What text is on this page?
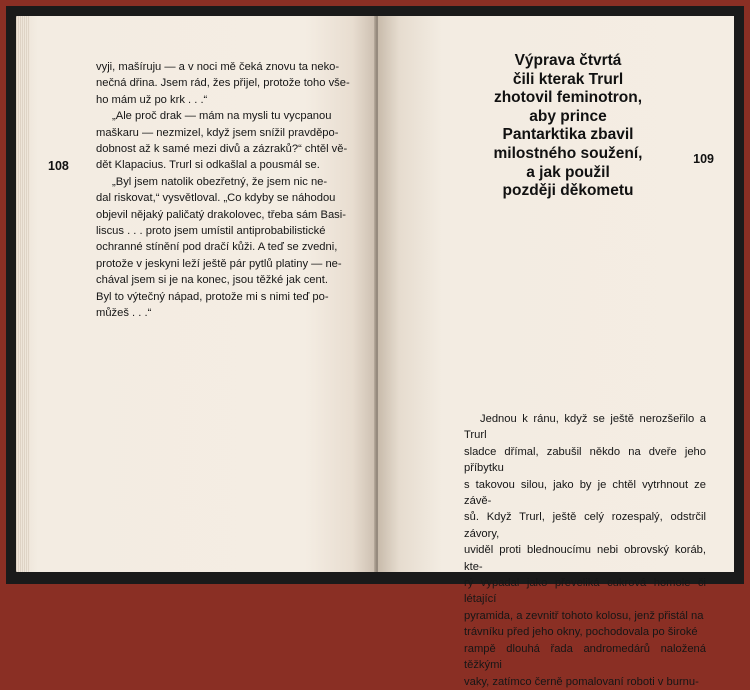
108

vyji, mašíruju — a v noci mě čeká znovu ta neko-

nečná dřina. Jsem rád, žes přijel, protože toho vše-

ho mám už po krk . . .“

„Ale proč drak — mám na mysli tu vycpanou

maškaru — nezmizel, když jsem snížil pravděpo-

dobnost až k samé mezi divů a zázraků?“ chtěl vě-

dět Klapacius. Trurl si odkašlal a pousmál se.

„Byl jsem natolik obezřetný, že jsem nic ne-

dal riskovat,“ vysvětloval. „Co kdyby se náhodou

objevil nějaký paličatý drakolovec, třeba sám Basi-

liscus . . . proto jsem umístil antiprobabilistické

ochranné stínění pod dračí kůži. A teď se zvedni,

protože v jeskyni leží ještě pár pytlů platiny — ne-

chával jsem si je na konec, jsou těžké jak cent.

Byl to výtečný nápad, protože mi s nimi teď po-

můžeš . . .“

109
Výprava čtvrtá
čili kterak Trurl
zhotovil feminotron,
aby prince
Pantarktika zbavil
milostného soužení,
a jak použil
později děkometu

Jednou k ránu, když se ještě nerozšeřilo a Trurl

sladce dřímal, zabušil někdo na dveře jeho příbytku

s takovou silou, jako by je chtěl vytrhnout ze závě-

sů. Když Trurl, ještě celý rozespalý, odstrčil závory,

uviděl proti blednoucímu nebi obrovský koráb, kte-

rý vypadal jako převeliká cukrová homole či létající

pyramida, a zevnitř tohoto kolosu, jenž přistál na

trávníku před jeho okny, pochodovala po široké

rampě dlouhá řada andromedárů naložená těžkými

vaky, zatímco černě pomalovaní roboti v burnu-
